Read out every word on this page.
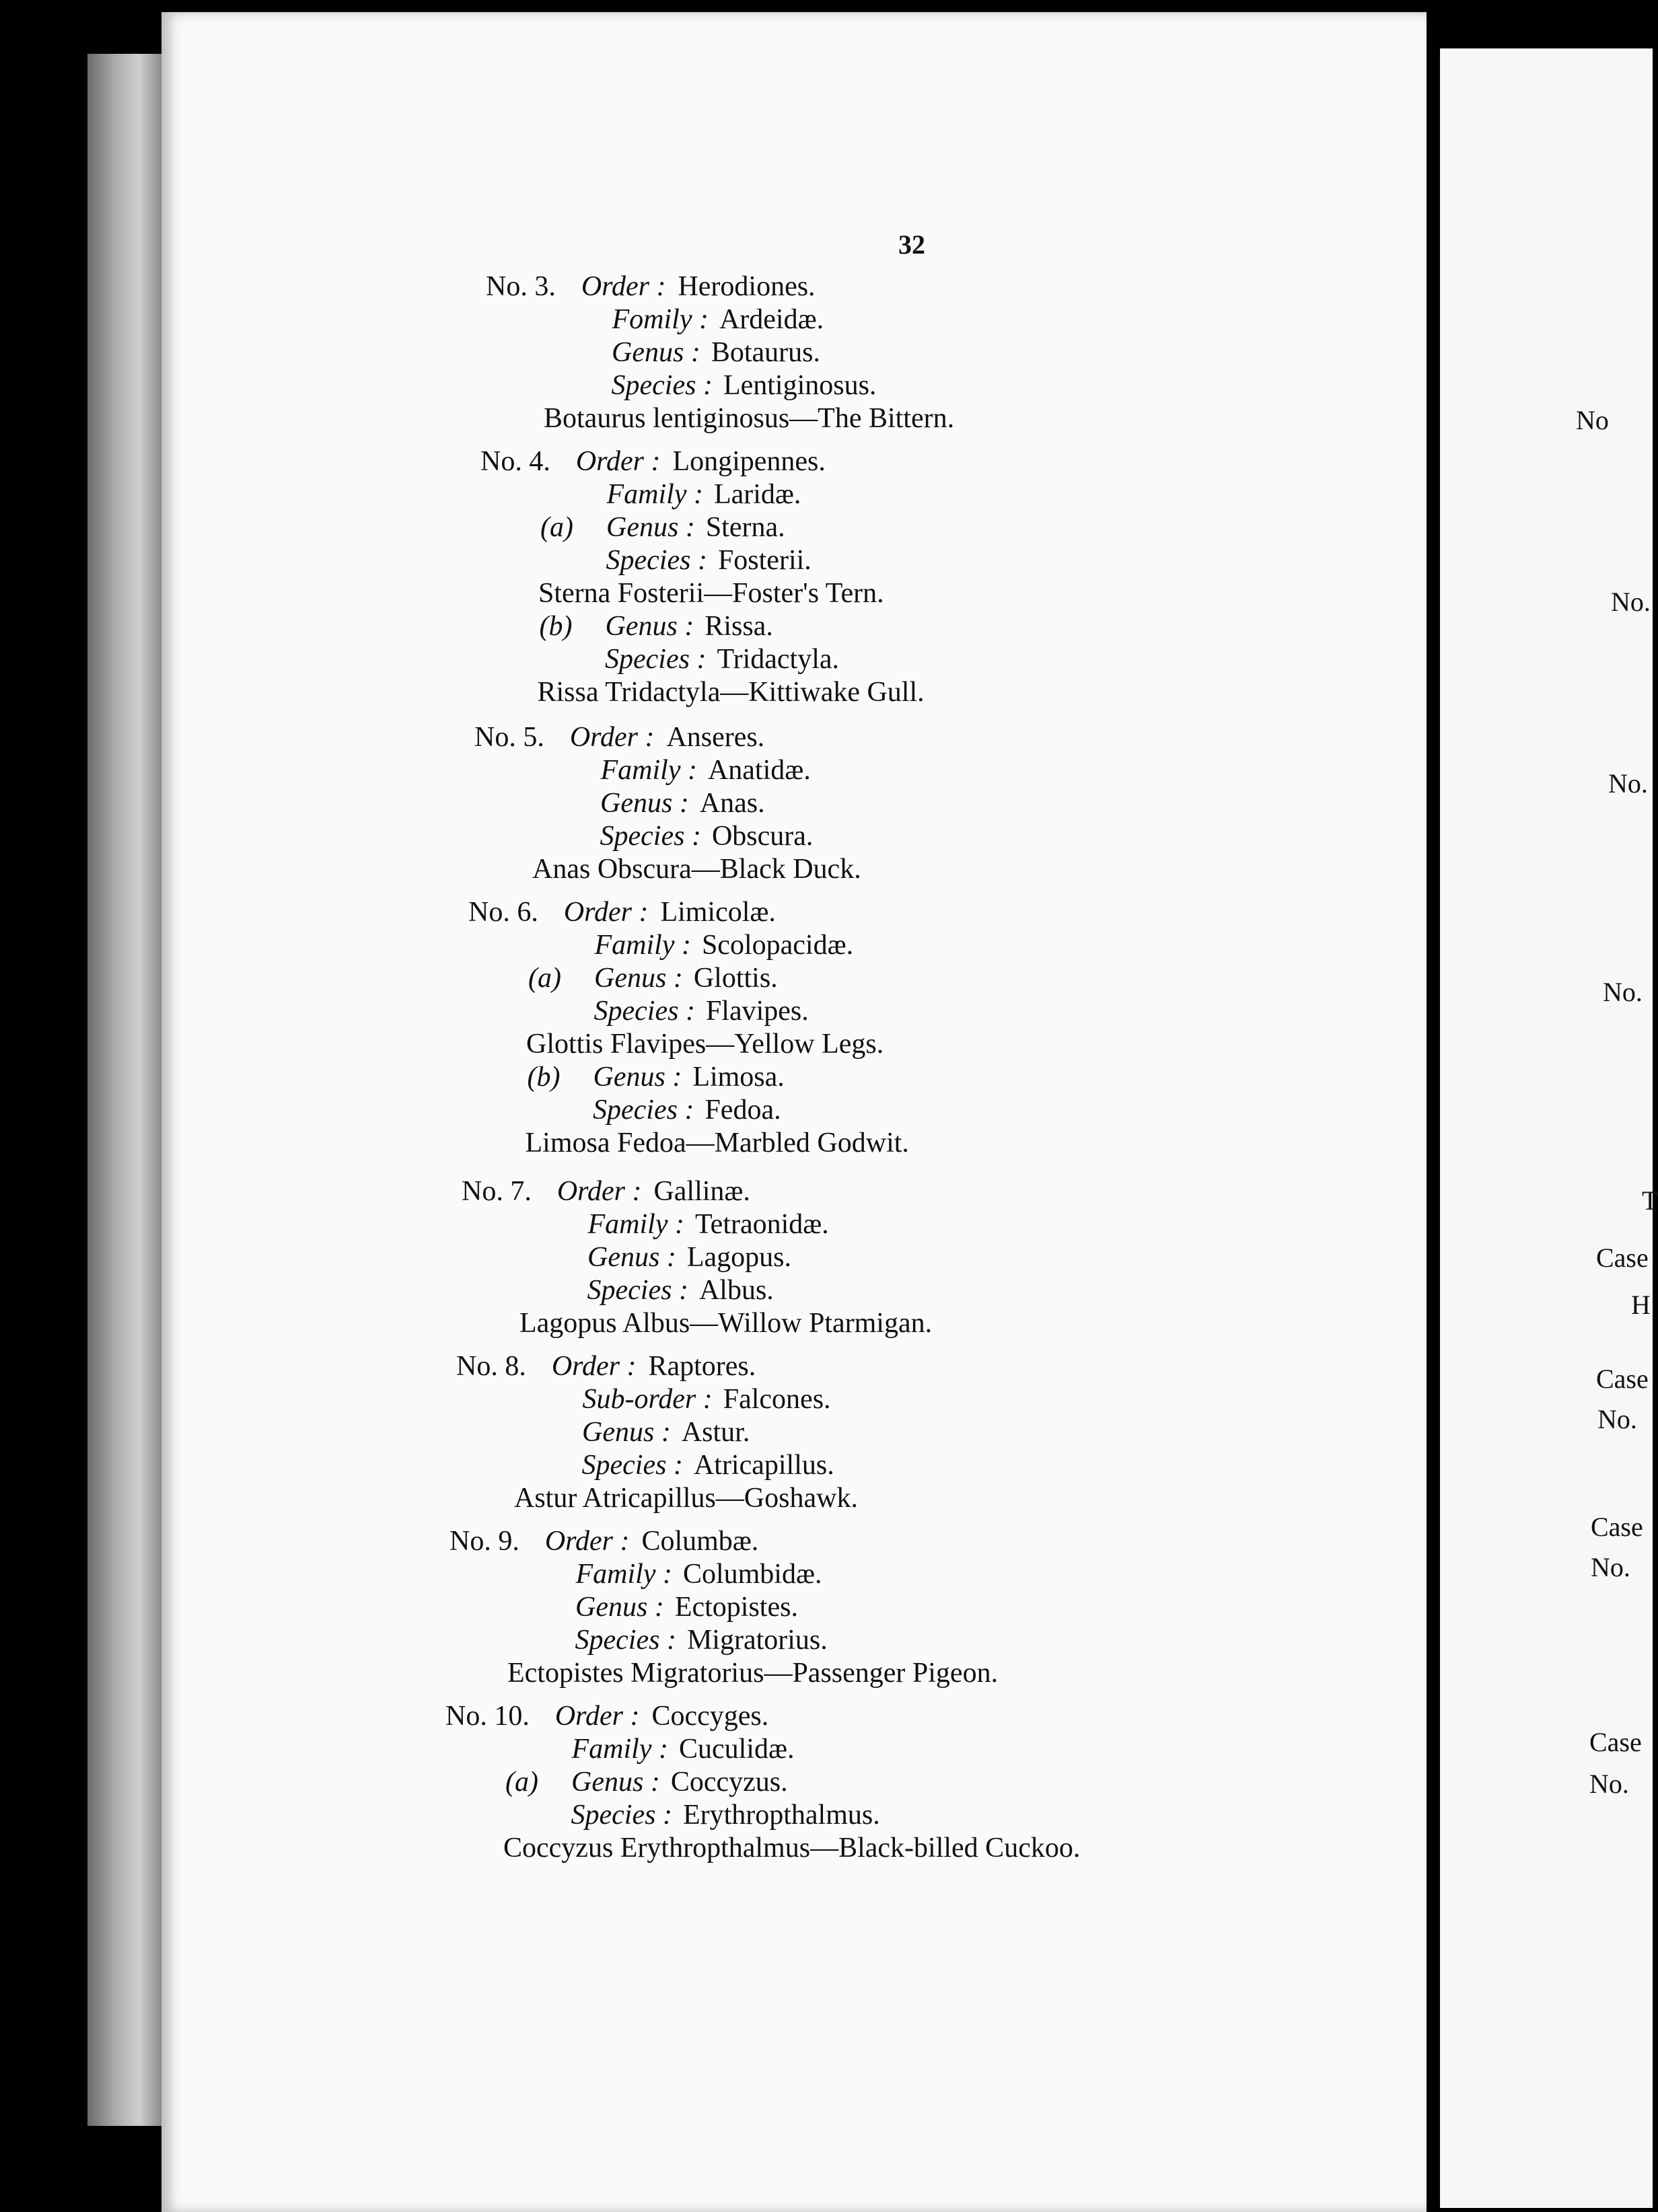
32
No. 3. Order : Herodiones.
Fomily : Ardeidæ.
Genus : Botaurus.
Species : Lentiginosus.
Botaurus lentiginosus—The Bittern.
No. 4. Order : Longipennes.
Family : Laridæ.
(a) Genus : Sterna.
Species : Fosterii.
Sterna Fosterii—Foster's Tern.
(b) Genus : Rissa.
Species : Tridactyla.
Rissa Tridactyla—Kittiwake Gull.
No. 5. Order : Anseres.
Family : Anatidæ.
Genus : Anas.
Species : Obscura.
Anas Obscura—Black Duck.
No. 6. Order : Limicolæ.
Family : Scolopacidæ.
(a) Genus : Glottis.
Species : Flavipes.
Glottis Flavipes—Yellow Legs.
(b) Genus : Limosa.
Species : Fedoa.
Limosa Fedoa—Marbled Godwit.
No. 7. Order : Gallinæ.
Family : Tetraonidæ.
Genus : Lagopus.
Species : Albus.
Lagopus Albus—Willow Ptarmigan.
No. 8. Order : Raptores.
Sub-order : Falcones.
Genus : Astur.
Species : Atricapillus.
Astur Atricapillus—Goshawk.
No. 9. Order : Columbæ.
Family : Columbidæ.
Genus : Ectopistes.
Species : Migratorius.
Ectopistes Migratorius—Passenger Pigeon.
No. 10. Order : Coccyges.
Family : Cuculidæ.
(a) Genus : Coccyzus.
Species : Erythropthalmus.
Coccyzus Erythropthalmus—Black-billed Cuckoo.
No
No.
No.
No.
T
Case
H
Case
No.
Case
No.
Case
No.
